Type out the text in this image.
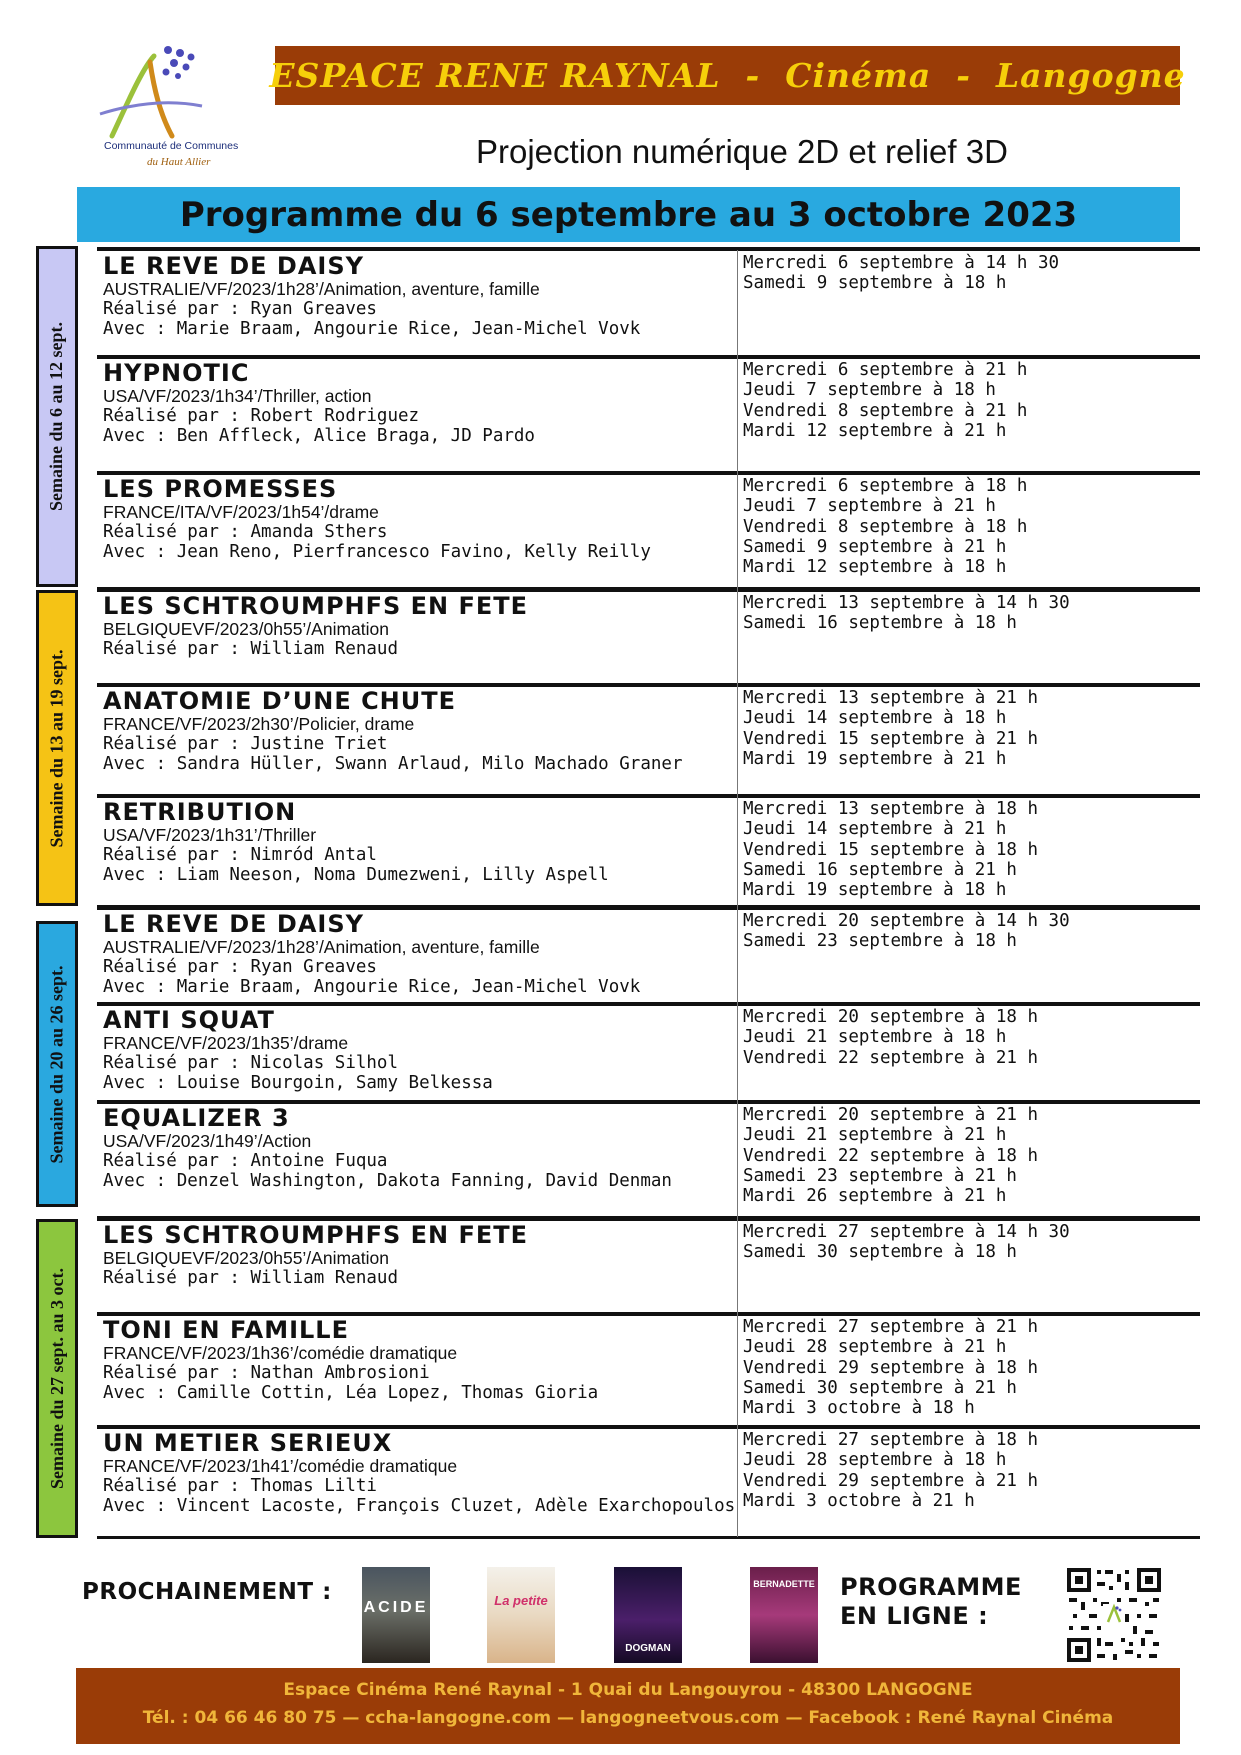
Communauté de Communes
du Haut Allier
ESPACE RENE RAYNAL  -  Cinéma  -  Langogne
Projection numérique 2D et relief 3D
Programme du 6 septembre au 3 octobre 2023
Semaine du 6 au 12 sept.
Semaine du 13 au 19 sept.
Semaine du 20 au 26 sept.
Semaine du 27 sept. au 3 oct.
LE REVE DE DAISY
AUSTRALIE/VF/2023/1h28’/Animation, aventure, famille
Réalisé par : Ryan Greaves
Avec : Marie Braam, Angourie Rice, Jean-Michel Vovk
Mercredi 6 septembre à 14 h 30
Samedi 9 septembre à 18 h
HYPNOTIC
USA/VF/2023/1h34’/Thriller, action
Réalisé par : Robert Rodriguez
Avec : Ben Affleck, Alice Braga, JD Pardo
Mercredi 6 septembre à 21 h
Jeudi 7 septembre à 18 h
Vendredi 8 septembre à 21 h
Mardi 12 septembre à 21 h
LES PROMESSES
FRANCE/ITA/VF/2023/1h54’/drame
Réalisé par : Amanda Sthers
Avec : Jean Reno, Pierfrancesco Favino, Kelly Reilly
Mercredi 6 septembre à 18 h
Jeudi 7 septembre à 21 h
Vendredi 8 septembre à 18 h
Samedi 9 septembre à 21 h
Mardi 12 septembre à 18 h
LES SCHTROUMPHFS EN FETE
BELGIQUEVF/2023/0h55’/Animation
Réalisé par : William Renaud
Mercredi 13 septembre à 14 h 30
Samedi 16 septembre à 18 h
ANATOMIE D’UNE CHUTE
FRANCE/VF/2023/2h30’/Policier, drame
Réalisé par : Justine Triet
Avec : Sandra Hüller, Swann Arlaud, Milo Machado Graner
Mercredi 13 septembre à 21 h
Jeudi 14 septembre à 18 h
Vendredi 15 septembre à 21 h
Mardi 19 septembre à 21 h
RETRIBUTION
USA/VF/2023/1h31’/Thriller
Réalisé par : Nimród Antal
Avec : Liam Neeson, Noma Dumezweni, Lilly Aspell
Mercredi 13 septembre à 18 h
Jeudi 14 septembre à 21 h
Vendredi 15 septembre à 18 h
Samedi 16 septembre à 21 h
Mardi 19 septembre à 18 h
LE REVE DE DAISY
AUSTRALIE/VF/2023/1h28’/Animation, aventure, famille
Réalisé par : Ryan Greaves
Avec : Marie Braam, Angourie Rice, Jean-Michel Vovk
Mercredi 20 septembre à 14 h 30
Samedi 23 septembre à 18 h
ANTI SQUAT
FRANCE/VF/2023/1h35’/drame
Réalisé par : Nicolas Silhol
Avec : Louise Bourgoin, Samy Belkessa
Mercredi 20 septembre à 18 h
Jeudi 21 septembre à 18 h
Vendredi 22 septembre à 21 h
EQUALIZER 3
USA/VF/2023/1h49’/Action
Réalisé par : Antoine Fuqua
Avec : Denzel Washington, Dakota Fanning, David Denman
Mercredi 20 septembre à 21 h
Jeudi 21 septembre à 21 h
Vendredi 22 septembre à 18 h
Samedi 23 septembre à 21 h
Mardi 26 septembre à 21 h
LES SCHTROUMPHFS EN FETE
BELGIQUEVF/2023/0h55’/Animation
Réalisé par : William Renaud
Mercredi 27 septembre à 14 h 30
Samedi 30 septembre à 18 h
TONI EN FAMILLE
FRANCE/VF/2023/1h36’/comédie dramatique
Réalisé par : Nathan Ambrosioni
Avec : Camille Cottin, Léa Lopez, Thomas Gioria
Mercredi 27 septembre à 21 h
Jeudi 28 septembre à 21 h
Vendredi 29 septembre à 18 h
Samedi 30 septembre à 21 h
Mardi 3 octobre à 18 h
UN METIER SERIEUX
FRANCE/VF/2023/1h41’/comédie dramatique
Réalisé par : Thomas Lilti
Avec : Vincent Lacoste, François Cluzet, Adèle Exarchopoulos
Mercredi 27 septembre à 18 h
Jeudi 28 septembre à 18 h
Vendredi 29 septembre à 21 h
Mardi 3 octobre à 21 h
PROCHAINEMENT :
ACIDE	La petite
DOGMAN
BERNADETTE PROGRAMME
EN LIGNE :
Espace Cinéma René Raynal - 1 Quai du Langouyrou - 48300 LANGOGNE
Tél. : 04 66 46 80 75 — ccha-langogne.com — langogneetvous.com — Facebook : René Raynal Cinéma
